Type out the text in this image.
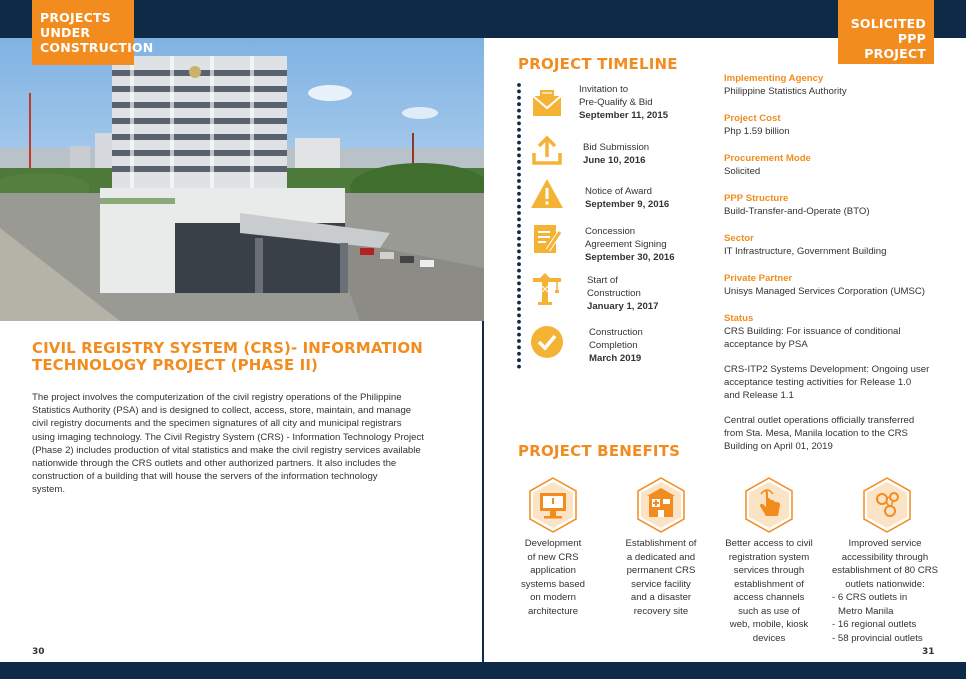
PROJECTS
UNDER
CONSTRUCTION
SOLICITED
PPP PROJECT
CIVIL REGISTRY SYSTEM (CRS)- INFORMATION
TECHNOLOGY PROJECT (PHASE II)
The project involves the computerization of the civil registry operations of the Philippine
Statistics Authority (PSA) and is designed to collect, access, store, maintain, and manage
civil registry documents and the specimen signatures of all city and municipal registrars
using imaging technology. The Civil Registry System (CRS) - Information Technology Project
(Phase 2) includes production of vital statistics and make the civil registry services available
nationwide through the CRS outlets and other authorized partners. It also includes the
construction of a building that will house the servers of the information technology
system.
30	31
PROJECT TIMELINE
Invitation to
Pre-Qualify & Bid
September 11, 2015
Bid Submission
June 10, 2016
Notice of Award
September 9, 2016
Concession
Agreement Signing
September 30, 2016
Start of
Construction
January 1, 2017
Construction
Completion
March 2019
Implementing Agency
Philippine Statistics Authority
Project Cost
Php 1.59 billion
Procurement Mode
Solicited
PPP Structure
Build-Transfer-and-Operate (BTO)
Sector
IT Infrastructure, Government Building
Private Partner
Unisys Managed Services Corporation (UMSC)
Status
CRS Building: For issuance of conditional
acceptance by PSA
CRS-ITP2 Systems Development: Ongoing user
acceptance testing activities for Release 1.0
and Release 1.1
Central outlet operations officially transferred
from Sta. Mesa, Manila location to the CRS
Building on April 01, 2019
PROJECT BENEFITS
Development
of new CRS
application
systems based
on modern
architecture
Establishment of
a dedicated and
permanent CRS
service facility
and a disaster
recovery site
Better access to civil
registration system
services through
establishment of
access channels
such as use of
web, mobile, kiosk
devices
Improved service
accessibility through
establishment of 80 CRS
outlets nationwide:
- 6 CRS outlets in
Metro Manila
- 16 regional outlets
- 58 provincial outlets
